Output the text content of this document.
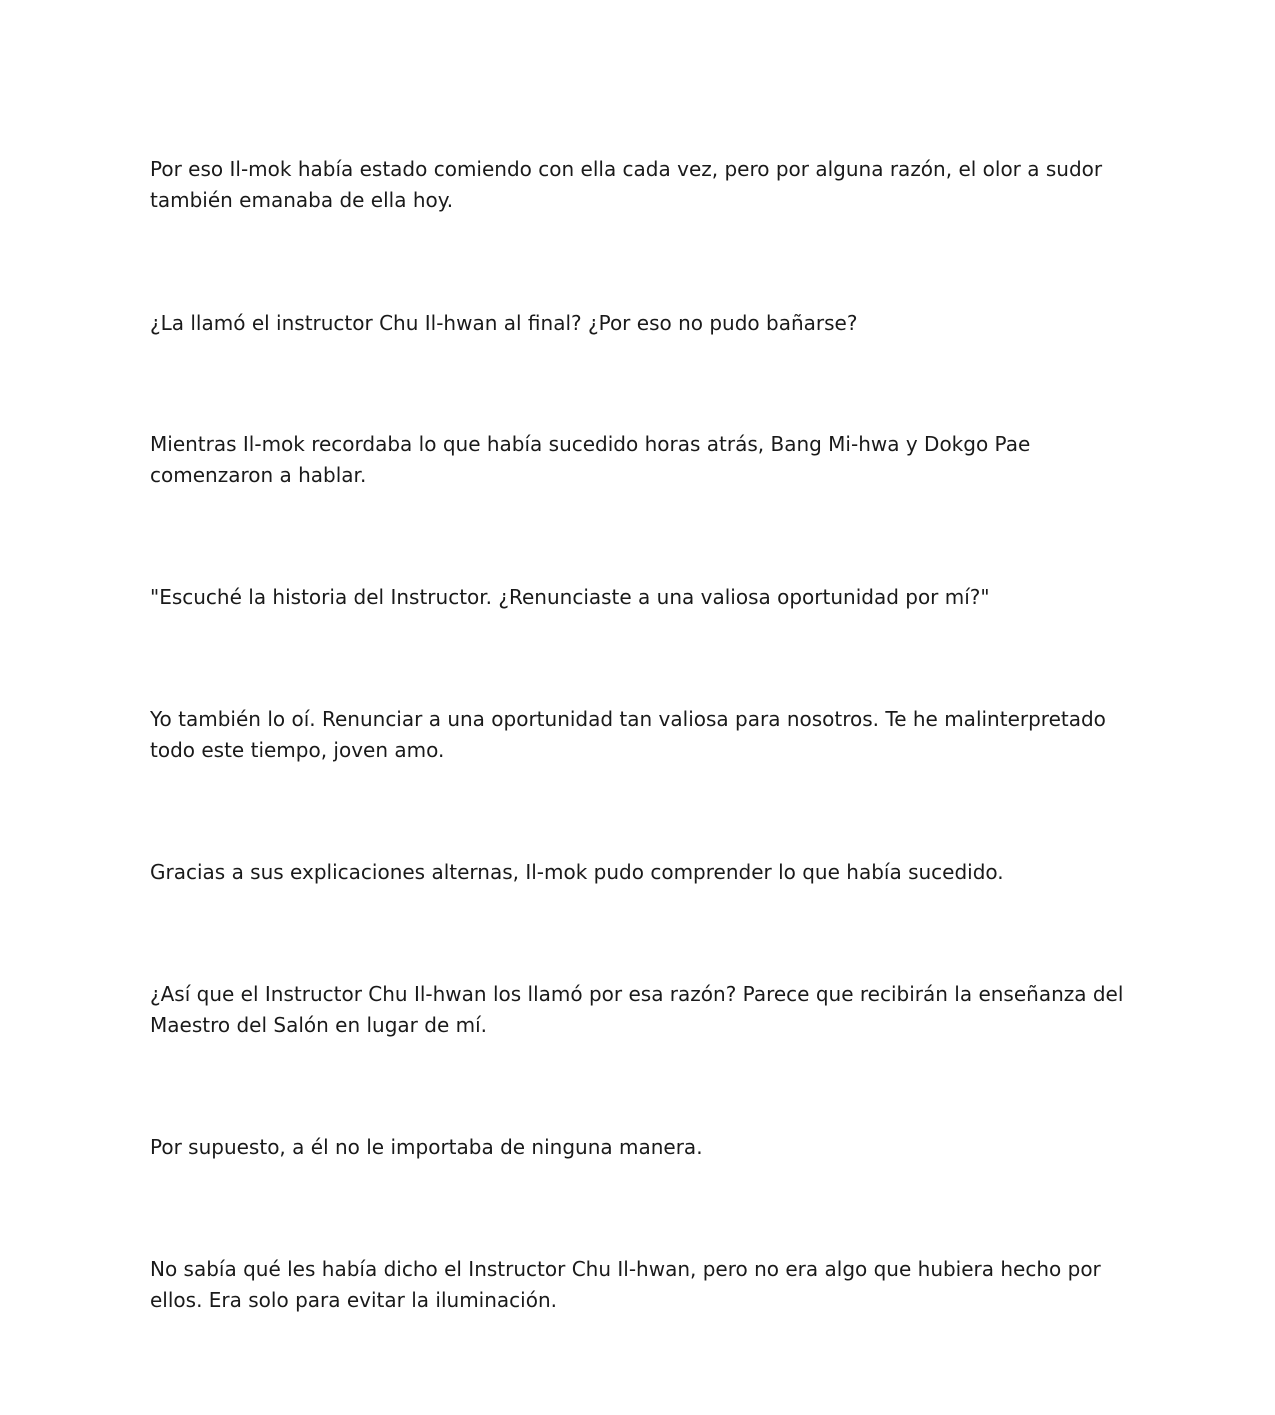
Por eso Il-mok había estado comiendo con ella cada vez, pero por alguna razón, el olor a sudor también emanaba de ella hoy.

¿La llamó el instructor Chu Il-hwan al final? ¿Por eso no pudo bañarse?

Mientras Il-mok recordaba lo que había sucedido horas atrás, Bang Mi-hwa y Dokgo Pae comenzaron a hablar.

"Escuché la historia del Instructor. ¿Renunciaste a una valiosa oportunidad por mí?"

Yo también lo oí. Renunciar a una oportunidad tan valiosa para nosotros. Te he malinterpretado todo este tiempo, joven amo.

Gracias a sus explicaciones alternas, Il-mok pudo comprender lo que había sucedido.

¿Así que el Instructor Chu Il-hwan los llamó por esa razón? Parece que recibirán la enseñanza del Maestro del Salón en lugar de mí.

Por supuesto, a él no le importaba de ninguna manera.

No sabía qué les había dicho el Instructor Chu Il-hwan, pero no era algo que hubiera hecho por ellos. Era solo para evitar la iluminación.
